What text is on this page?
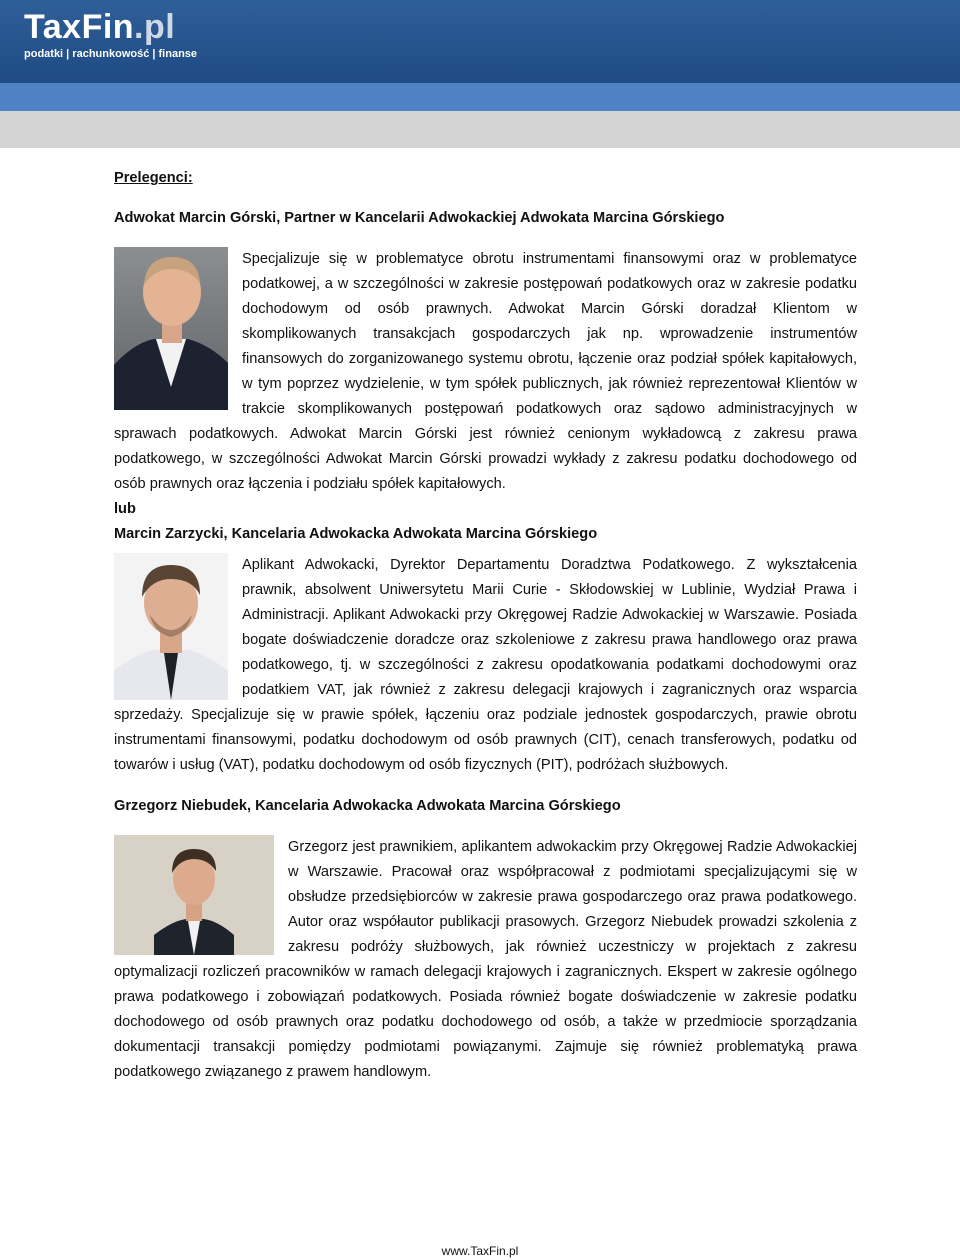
TaxFin.pl
podatki | rachunkowość | finanse

Prelegenci:

Adwokat Marcin Górski, Partner w Kancelarii Adwokackiej Adwokata Marcina Górskiego

Specjalizuje się w problematyce obrotu instrumentami finansowymi oraz w problematyce podatkowej, a w szczególności w zakresie postępowań podatkowych oraz w zakresie podatku dochodowym od osób prawnych. Adwokat Marcin Górski doradzał Klientom w skomplikowanych transakcjach gospodarczych jak np. wprowadzenie instrumentów finansowych do zorganizowanego systemu obrotu, łączenie oraz podział spółek kapitałowych, w tym poprzez wydzielenie, w tym spółek publicznych, jak również reprezentował Klientów w trakcie skomplikowanych postępowań podatkowych oraz sądowo administracyjnych w sprawach podatkowych. Adwokat Marcin Górski jest również cenionym wykładowcą z zakresu prawa podatkowego, w szczególności Adwokat Marcin Górski prowadzi wykłady z zakresu podatku dochodowego od osób prawnych oraz łączenia i podziału spółek kapitałowych.

lub

Marcin Zarzycki, Kancelaria Adwokacka Adwokata Marcina Górskiego

Aplikant Adwokacki, Dyrektor Departamentu Doradztwa Podatkowego. Z wykształcenia prawnik, absolwent Uniwersytetu Marii Curie - Skłodowskiej w Lublinie, Wydział Prawa i Administracji. Aplikant Adwokacki przy Okręgowej Radzie Adwokackiej w Warszawie. Posiada bogate doświadczenie doradcze oraz szkoleniowe z zakresu prawa handlowego oraz prawa podatkowego, tj. w szczególności z zakresu opodatkowania podatkami dochodowymi oraz podatkiem VAT, jak również z zakresu delegacji krajowych i zagranicznych oraz wsparcia sprzedaży. Specjalizuje się w prawie spółek, łączeniu oraz podziale jednostek gospodarczych, prawie obrotu instrumentami finansowymi, podatku dochodowym od osób prawnych (CIT), cenach transferowych, podatku od towarów i usług (VAT), podatku dochodowym od osób fizycznych (PIT), podróżach służbowych.

Grzegorz Niebudek, Kancelaria Adwokacka Adwokata Marcina Górskiego

Grzegorz jest prawnikiem, aplikantem adwokackim przy Okręgowej Radzie Adwokackiej w Warszawie. Pracował oraz współpracował z podmiotami specjalizującymi się w obsłudze przedsiębiorców w zakresie prawa gospodarczego oraz prawa podatkowego. Autor oraz współautor publikacji prasowych. Grzegorz Niebudek prowadzi szkolenia z zakresu podróży służbowych, jak również uczestniczy w projektach z zakresu optymalizacji rozliczeń pracowników w ramach delegacji krajowych i zagranicznych. Ekspert w zakresie ogólnego prawa podatkowego i zobowiązań podatkowych. Posiada również bogate doświadczenie w zakresie podatku dochodowego od osób prawnych oraz podatku dochodowego od osób, a także w przedmiocie sporządzania dokumentacji transakcji pomiędzy podmiotami powiązanymi. Zajmuje się również problematyką prawa podatkowego związanego z prawem handlowym.

www.TaxFin.pl
